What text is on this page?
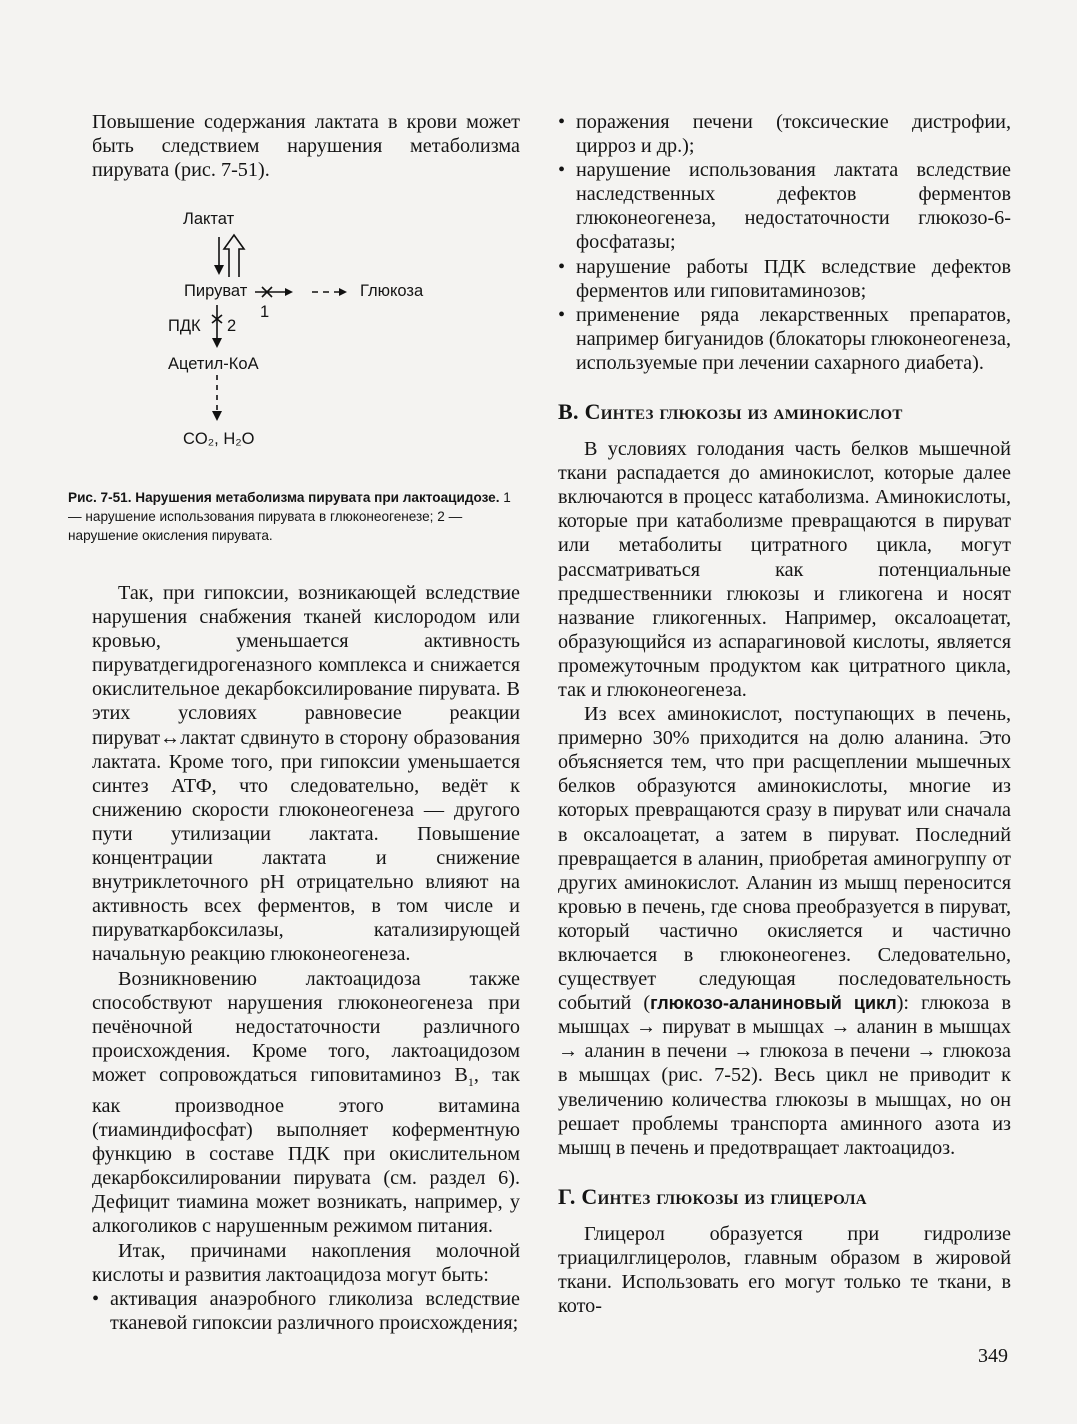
Повышение содержания лактата в крови может быть следствием нарушения метаболизма пирувата (рис. 7-51).

Лактат
Пируват	Глюкоза
1
ПДК 2
Ацетил-КоА
CO₂, H₂O
Рис. 7-51. Нарушения метаболизма пирувата при лактоацидозе. 1 — нарушение использования пирувата в глюконеогенезе; 2 — нарушение окисления пирувата.

Так, при гипоксии, возникающей вследствие нарушения снабжения тканей кислородом или кровью, уменьшается активность пируватдегидрогеназного комплекса и снижается окислительное декарбоксилирование пирувата. В этих условиях равновесие реакции пируват↔лактат сдвинуто в сторону образования лактата. Кроме того, при гипоксии уменьшается синтез АТФ, что следовательно, ведёт к снижению скорости глюконеогенеза — другого пути утилизации лактата. Повышение концентрации лактата и снижение внутриклеточного рН отрицательно влияют на активность всех ферментов, в том числе и пируваткарбоксилазы, катализирующей начальную реакцию глюконеогенеза.

Возникновению лактоацидоза также способствуют нарушения глюконеогенеза при печёночной недостаточности различного происхождения. Кроме того, лактоацидозом может сопровождаться гиповитаминоз $В_1$, так как производное этого витамина (тиаминдифосфат) выполняет коферментную функцию в составе ПДК при окислительном декарбоксилировании пирувата (см. раздел 6). Дефицит тиамина может возникать, например, у алкоголиков с нарушенным режимом питания.

Итак, причинами накопления молочной кислоты и развития лактоацидоза могут быть:

• активация анаэробного гликолиза вследствие тканевой гипоксии различного происхождения;
• поражения печени (токсические дистрофии, цирроз и др.);
• нарушение использования лактата вследствие наследственных дефектов ферментов глюконеогенеза, недостаточности глюкозо-6-фосфатазы;
• нарушение работы ПДК вследствие дефектов ферментов или гиповитаминозов;
• применение ряда лекарственных препаратов, например бигуанидов (блокаторы глюконеогенеза, используемые при лечении сахарного диабета).
В. Синтез глюкозы из аминокислот

В условиях голодания часть белков мышечной ткани распадается до аминокислот, которые далее включаются в процесс катаболизма. Аминокислоты, которые при катаболизме превращаются в пируват или метаболиты цитратного цикла, могут рассматриваться как потенциальные предшественники глюкозы и гликогена и носят название гликогенных. Например, оксалоацетат, образующийся из аспарагиновой кислоты, является промежуточным продуктом как цитратного цикла, так и глюконеогенеза.

Из всех аминокислот, поступающих в печень, примерно 30% приходится на долю аланина. Это объясняется тем, что при расщеплении мышечных белков образуются аминокислоты, многие из которых превращаются сразу в пируват или сначала в оксалоацетат, а затем в пируват. Последний превращается в аланин, приобретая аминогруппу от других аминокислот. Аланин из мышц переносится кровью в печень, где снова преобразуется в пируват, который частично окисляется и частично включается в глюконеогенез. Следовательно, существует следующая последовательность событий (глюкозо-аланиновый цикл): глюкоза в мышцах → пируват в мышцах → аланин в мышцах → аланин в печени → глюкоза в печени → глюкоза в мышцах (рис. 7-52). Весь цикл не приводит к увеличению количества глюкозы в мышцах, но он решает проблемы транспорта аминного азота из мышц в печень и предотвращает лактоацидоз.

Г. Синтез глюкозы из глицерола

Глицерол образуется при гидролизе триацилглицеролов, главным образом в жировой ткани. Использовать его могут только те ткани, в кото-

349
